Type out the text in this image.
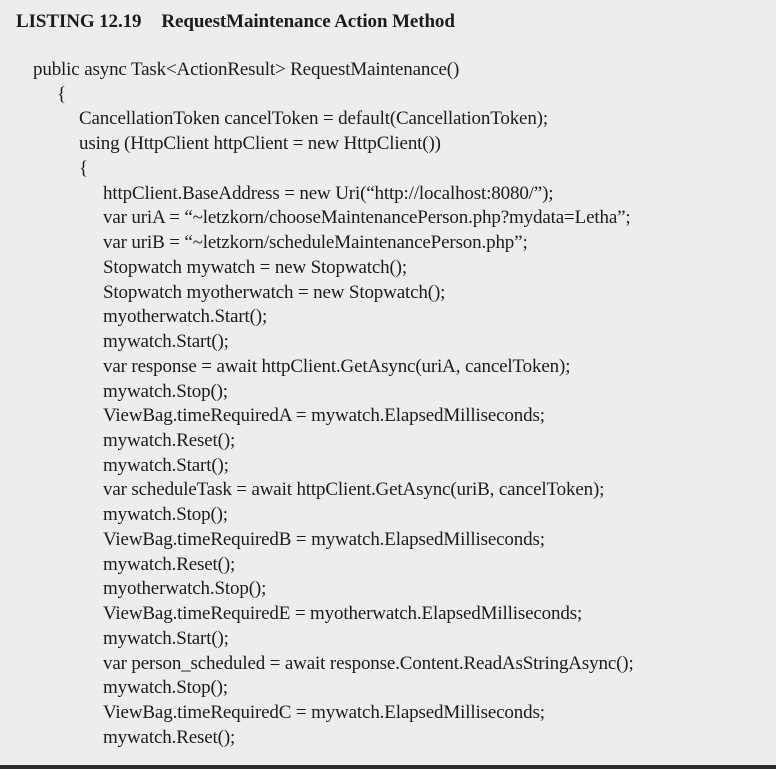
LISTING 12.19 RequestMaintenance Action Method
public async Task<ActionResult> RequestMaintenance()
{
CancellationToken cancelToken = default(CancellationToken);
using (HttpClient httpClient = new HttpClient())
{
httpClient.BaseAddress = new Uri(“http://localhost:8080/”);
var uriA = “~letzkorn/chooseMaintenancePerson.php?mydata=Letha”;
var uriB = “~letzkorn/scheduleMaintenancePerson.php”;
Stopwatch mywatch = new Stopwatch();
Stopwatch myotherwatch = new Stopwatch();
myotherwatch.Start();
mywatch.Start();
var response = await httpClient.GetAsync(uriA, cancelToken);
mywatch.Stop();
ViewBag.timeRequiredA = mywatch.ElapsedMilliseconds;
mywatch.Reset();
mywatch.Start();
var scheduleTask = await httpClient.GetAsync(uriB, cancelToken);
mywatch.Stop();
ViewBag.timeRequiredB = mywatch.ElapsedMilliseconds;
mywatch.Reset();
myotherwatch.Stop();
ViewBag.timeRequiredE = myotherwatch.ElapsedMilliseconds;
mywatch.Start();
var person_scheduled = await response.Content.ReadAsStringAsync();
mywatch.Stop();
ViewBag.timeRequiredC = mywatch.ElapsedMilliseconds;
mywatch.Reset();
